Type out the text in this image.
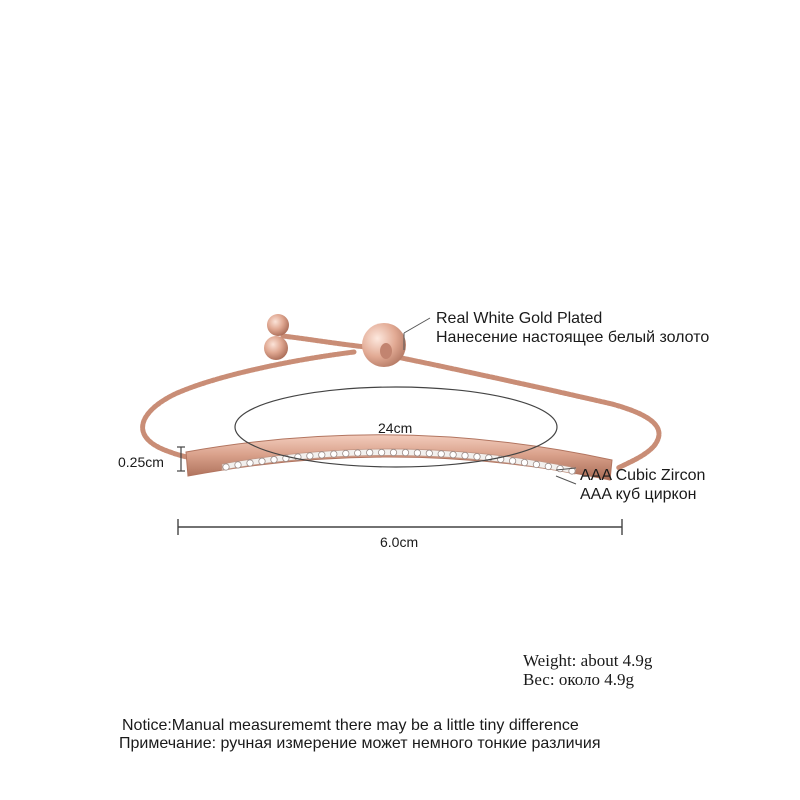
Real White Gold Plated
Нанесение настоящее белый золото
24cm
0.25cm
6.0cm
AAA Cubic Zircon
AAA куб циркон
Weight: about 4.9g
Вес: около 4.9g
Notice:Manual measurememt there may be a little tiny difference
Примечание: ручная измерение может немного тонкие различия
